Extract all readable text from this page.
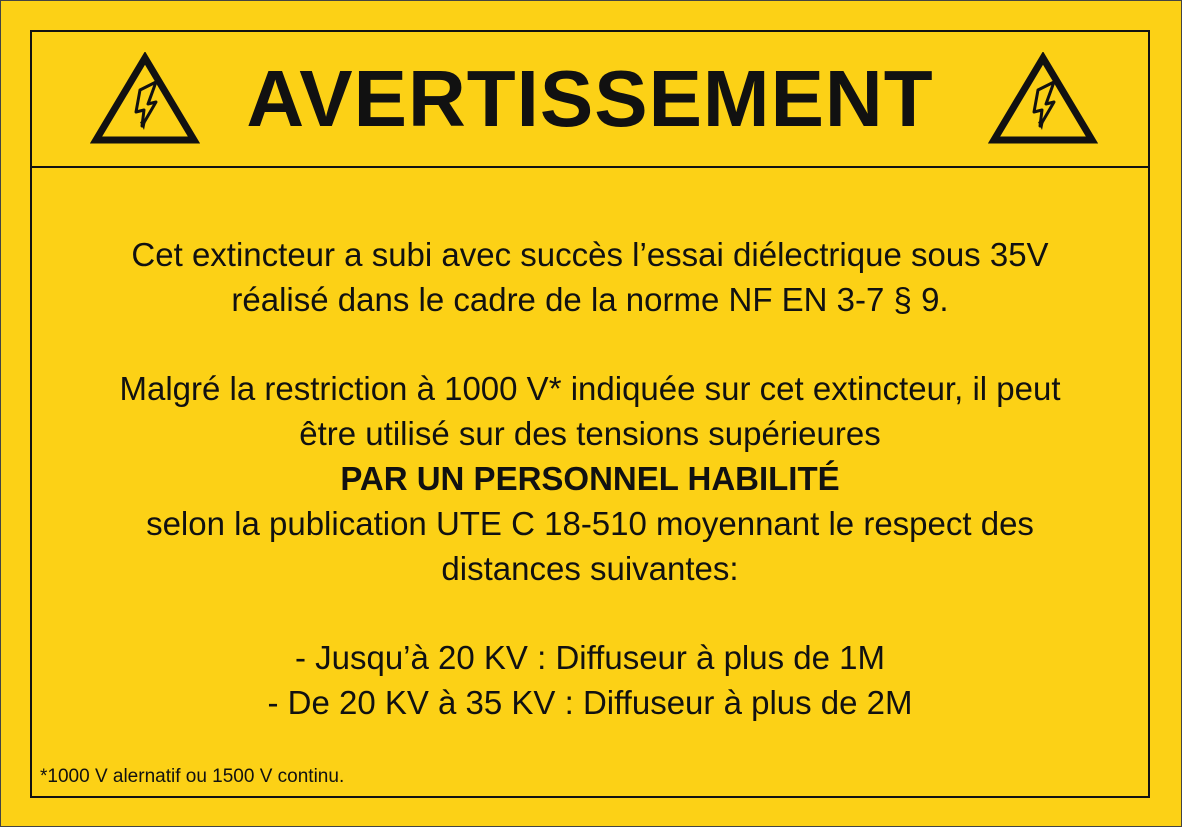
AVERTISSEMENT

Cet extincteur a subi avec succès l’essai diélectrique sous 35V

réalisé dans le cadre de la norme NF EN 3-7 § 9.

Malgré la restriction à 1000 V* indiquée sur cet extincteur, il peut

être utilisé sur des tensions supérieures

PAR UN PERSONNEL HABILITÉ

selon la publication UTE C 18-510 moyennant le respect des

distances suivantes:

- Jusqu’à 20 KV : Diffuseur à plus de 1M

- De 20 KV à 35 KV : Diffuseur à plus de 2M

*1000 V alernatif ou 1500 V continu.
